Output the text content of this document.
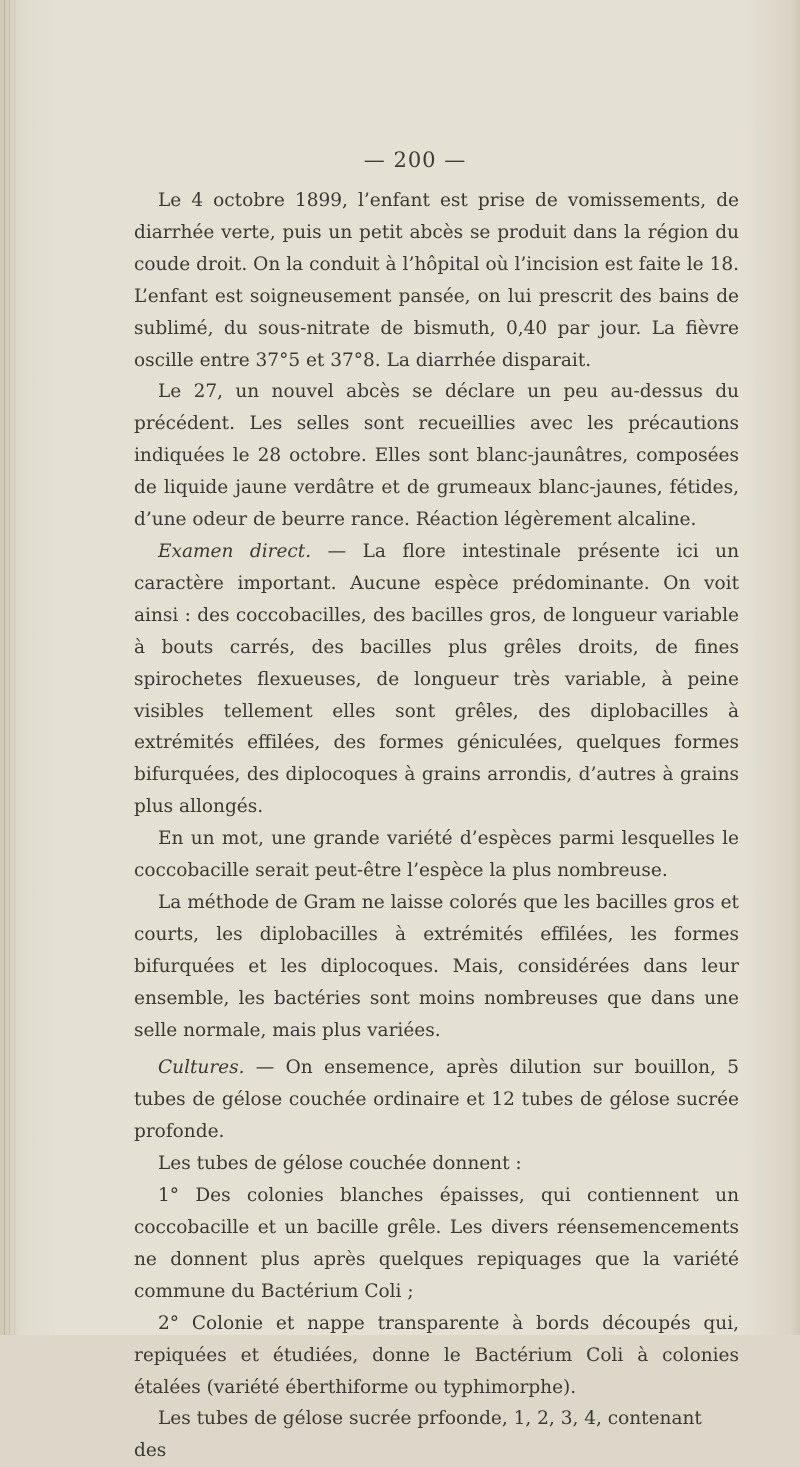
— 200 —

Le 4 octobre 1899, l’enfant est prise de vomissements, de diarrhée verte, puis un petit abcès se produit dans la région du coude droit. On la conduit à l’hôpital où l’incision est faite le 18. L’enfant est soigneusement pansée, on lui prescrit des bains de sublimé, du sous-nitrate de bismuth, 0,40 par jour. La fièvre oscille entre 37°5 et 37°8. La diarrhée disparait.

Le 27, un nouvel abcès se déclare un peu au-dessus du précédent. Les selles sont recueillies avec les précautions indiquées le 28 octobre. Elles sont blanc-jaunâtres, composées de liquide jaune verdâtre et de grumeaux blanc-jaunes, fétides, d’une odeur de beurre rance. Réaction légèrement alcaline.

Examen direct. — La flore intestinale présente ici un caractère important. Aucune espèce prédominante. On voit ainsi : des coccobacilles, des bacilles gros, de longueur variable à bouts carrés, des bacilles plus grêles droits, de fines spirochetes flexueuses, de longueur très variable, à peine visibles tellement elles sont grêles, des diplobacilles à extrémités effilées, des formes géniculées, quelques formes bifurquées, des diplocoques à grains arrondis, d’autres à grains plus allongés.

En un mot, une grande variété d’espèces parmi lesquelles le coccobacille serait peut-être l’espèce la plus nombreuse.

La méthode de Gram ne laisse colorés que les bacilles gros et courts, les diplobacilles à extrémités effilées, les formes bifurquées et les diplocoques. Mais, considérées dans leur ensemble, les bactéries sont moins nombreuses que dans une selle normale, mais plus variées.

Cultures. — On ensemence, après dilution sur bouillon, 5 tubes de gélose couchée ordinaire et 12 tubes de gélose sucrée profonde.

Les tubes de gélose couchée donnent :

1° Des colonies blanches épaisses, qui contiennent un coccobacille et un bacille grêle. Les divers réensemencements ne donnent plus après quelques repiquages que la variété commune du Bactérium Coli ;

2° Colonie et nappe transparente à bords découpés qui, repiquées et étudiées, donne le Bactérium Coli à colonies étalées (variété éberthiforme ou typhimorphe).

Les tubes de gélose sucrée prfoonde, 1, 2, 3, 4, contenant des
